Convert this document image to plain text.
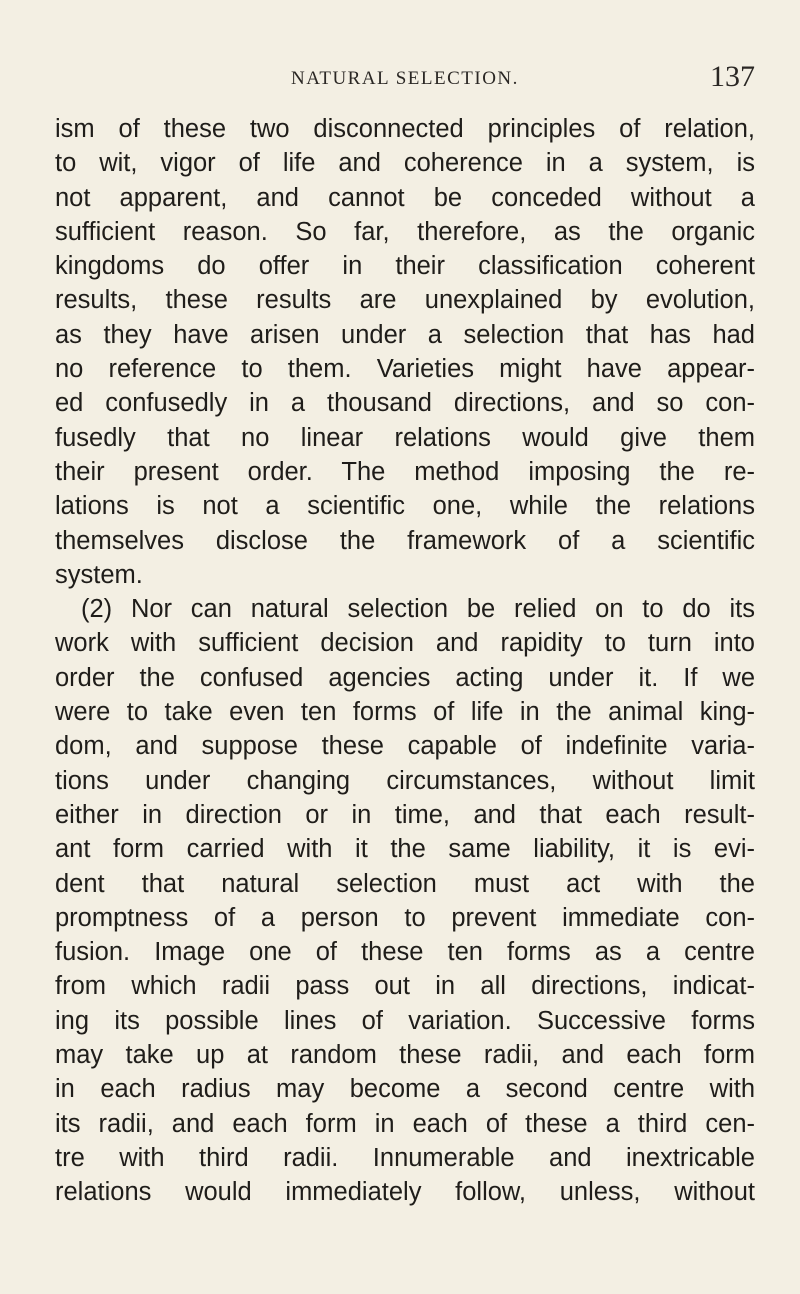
NATURAL SELECTION.	137
ism of these two disconnected principles of relation,
to wit, vigor of life and coherence in a system, is
not apparent, and cannot be conceded without a
sufficient reason. So far, therefore, as the organic
kingdoms do offer in their classification coherent
results, these results are unexplained by evolution,
as they have arisen under a selection that has had
no reference to them. Varieties might have appear-
ed confusedly in a thousand directions, and so con-
fusedly that no linear relations would give them
their present order. The method imposing the re-
lations is not a scientific one, while the relations
themselves disclose the framework of a scientific
system.
(2) Nor can natural selection be relied on to do its
work with sufficient decision and rapidity to turn into
order the confused agencies acting under it. If we
were to take even ten forms of life in the animal king-
dom, and suppose these capable of indefinite varia-
tions under changing circumstances, without limit
either in direction or in time, and that each result-
ant form carried with it the same liability, it is evi-
dent that natural selection must act with the
promptness of a person to prevent immediate con-
fusion. Image one of these ten forms as a centre
from which radii pass out in all directions, indicat-
ing its possible lines of variation. Successive forms
may take up at random these radii, and each form
in each radius may become a second centre with
its radii, and each form in each of these a third cen-
tre with third radii. Innumerable and inextricable
relations would immediately follow, unless, without
